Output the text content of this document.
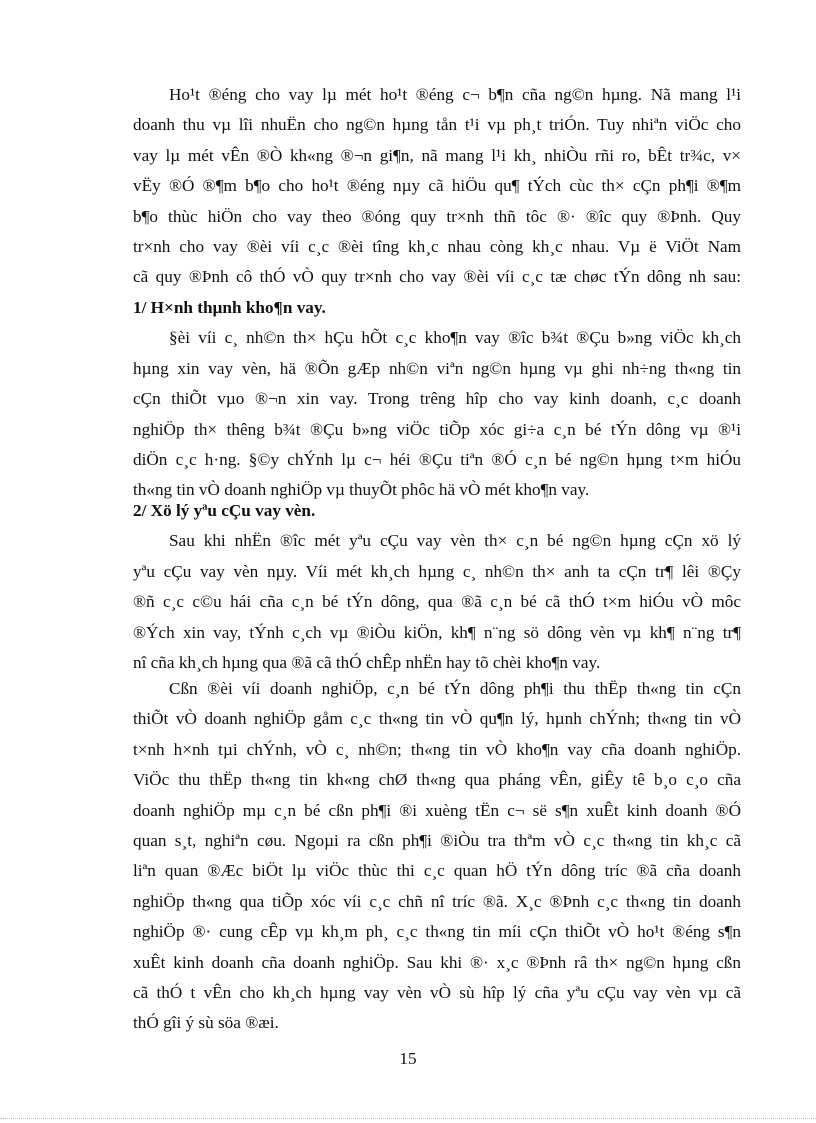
Ho¹t ®éng cho vay lµ mét ho¹t ®éng c¬ b¶n cña ng©n hµng. Nã mang l¹i
doanh thu vµ lîi nhuËn cho ng©n hµng tån t¹i vµ ph¸t triÓn. Tuy nhiªn viÖc cho
vay lµ mét vÊn ®Ò kh«ng ®¬n gi¶n, nã mang l¹i kh¸ nhiÒu rñi ro, bÊt tr¾c, v×
vËy ®Ó ®¶m b¶o cho ho¹t ®éng nµy cã hiÖu qu¶ tÝch cùc th× cÇn ph¶i ®¶m
b¶o thùc hiÖn cho vay theo ®óng quy tr×nh thñ tôc ®· ®îc quy ®Þnh. Quy
tr×nh cho vay ®èi víi c¸c ®èi tîng kh¸c nhau còng kh¸c nhau. Vµ ë ViÖt Nam
cã quy ®Þnh cô thÓ vÒ quy tr×nh cho vay ®èi víi c¸c tæ chøc tÝn dông nh sau:
1/ H×nh thµnh kho¶n vay.
§èi víi c¸ nh©n th× hÇu hÕt c¸c kho¶n vay ®îc b¾t ®Çu b»ng viÖc kh¸ch
hµng xin vay vèn, hä ®Õn gÆp nh©n viªn ng©n hµng vµ ghi nh÷ng th«ng tin
cÇn thiÕt vµo ®¬n xin vay. Trong trêng hîp cho vay kinh doanh, c¸c doanh
nghiÖp th× thêng b¾t ®Çu b»ng viÖc tiÕp xóc gi÷a c¸n bé tÝn dông vµ ®¹i
diÖn c¸c h·ng. §©y chÝnh lµ c¬ héi ®Çu tiªn ®Ó c¸n bé ng©n hµng t×m hiÓu
th«ng tin vÒ doanh nghiÖp vµ thuyÕt phôc hä vÒ mét kho¶n vay.
2/ Xö lý yªu cÇu vay vèn.
Sau khi nhËn ®îc mét yªu cÇu vay vèn th× c¸n bé ng©n hµng cÇn xö lý
yªu cÇu vay vèn nµy. Víi mét kh¸ch hµng c¸ nh©n th× anh ta cÇn tr¶ lêi ®Çy
®ñ c¸c c©u hái cña c¸n bé tÝn dông, qua ®ã c¸n bé cã thÓ t×m hiÓu vÒ môc
®Ých xin vay, tÝnh c¸ch vµ ®iÒu kiÖn, kh¶ n¨ng sö dông vèn vµ kh¶ n¨ng tr¶
nî cña kh¸ch hµng qua ®ã cã thÓ chÊp nhËn hay tõ chèi kho¶n vay.
Cßn ®èi víi doanh nghiÖp, c¸n bé tÝn dông ph¶i thu thËp th«ng tin cÇn
thiÕt vÒ doanh nghiÖp gåm c¸c th«ng tin vÒ qu¶n lý, hµnh chÝnh; th«ng tin vÒ
t×nh h×nh tµi chÝnh, vÒ c¸ nh©n; th«ng tin vÒ kho¶n vay cña doanh nghiÖp.
ViÖc thu thËp th«ng tin kh«ng chØ th«ng qua pháng vÊn, giÊy tê b¸o c¸o cña
doanh nghiÖp mµ c¸n bé cßn ph¶i ®i xuèng tËn c¬ së s¶n xuÊt kinh doanh ®Ó
quan s¸t, nghiªn cøu. Ngoµi ra cßn ph¶i ®iÒu tra thªm vÒ c¸c th«ng tin kh¸c cã
liªn quan ®Æc biÖt lµ viÖc thùc thi c¸c quan hÖ tÝn dông tríc ®ã cña doanh
nghiÖp th«ng qua tiÕp xóc víi c¸c chñ nî tríc ®ã. X¸c ®Þnh c¸c th«ng tin doanh
nghiÖp ®· cung cÊp vµ kh¸m ph¸ c¸c th«ng tin míi cÇn thiÕt vÒ ho¹t ®éng s¶n
xuÊt kinh doanh cña doanh nghiÖp. Sau khi ®· x¸c ®Þnh râ th× ng©n hµng cßn
cã thÓ t vÊn cho kh¸ch hµng vay vèn vÒ sù hîp lý cña yªu cÇu vay vèn vµ cã
thÓ gîi ý sù söa ®æi.
15
